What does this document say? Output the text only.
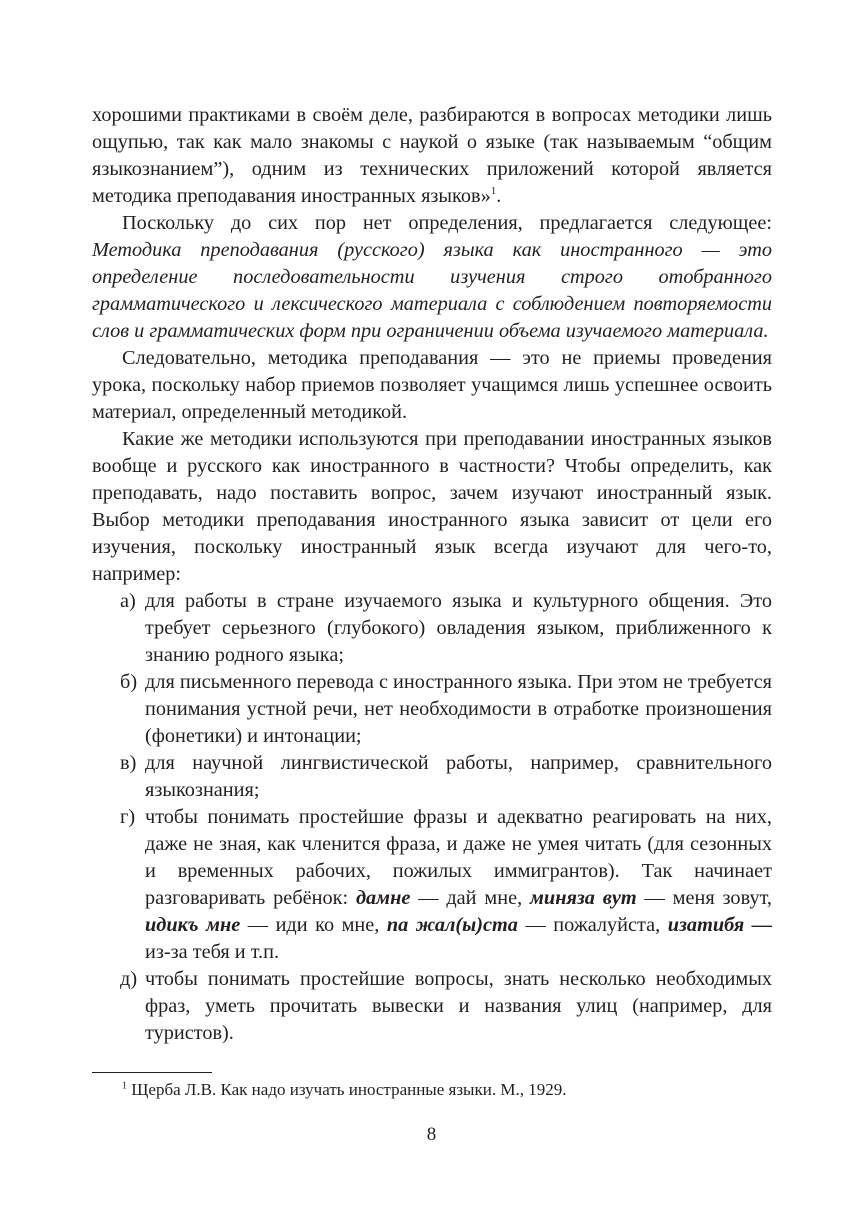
хорошими практиками в своём деле, разбираются в вопросах методики лишь ощупью, так как мало знакомы с наукой о языке (так называемым “общим языкознанием”), одним из технических приложений которой является методика преподавания иностранных языков»$^1$.

Поскольку до сих пор нет определения, предлагается следующее: Методика преподавания (русского) языка как иностранного — это определение последовательности изучения строго отобранного грамматического и лексического материала с соблюдением повторяемости слов и грамматических форм при ограничении объема изучаемого материала.

Следовательно, методика преподавания — это не приемы проведения урока, поскольку набор приемов позволяет учащимся лишь успешнее освоить материал, определенный методикой.

Какие же методики используются при преподавании иностранных языков вообще и русского как иностранного в частности? Чтобы определить, как преподавать, надо поставить вопрос, зачем изучают иностранный язык. Выбор методики преподавания иностранного языка зависит от цели его изучения, поскольку иностранный язык всегда изучают для чего-то, например:

а) для работы в стране изучаемого языка и культурного общения. Это требует серьезного (глубокого) овладения языком, приближенного к знанию родного языка;
б) для письменного перевода с иностранного языка. При этом не требуется понимания устной речи, нет необходимости в отработке произношения (фонетики) и интонации;
в) для научной лингвистической работы, например, сравнительного языкознания;
г) чтобы понимать простейшие фразы и адекватно реагировать на них, даже не зная, как членится фраза, и даже не умея читать (для сезонных и временных рабочих, пожилых иммигрантов). Так начинает разговаривать ребёнок: дамне — дай мне, миняза вут — меня зовут, идикъ мне — иди ко мне, па жал(ы)ста — пожалуйста, изатибя — из-за тебя и т.п.
д) чтобы понимать простейшие вопросы, знать несколько необходимых фраз, уметь прочитать вывески и названия улиц (например, для туристов).
$^1$ Щерба Л.В. Как надо изучать иностранные языки. М., 1929.
8
